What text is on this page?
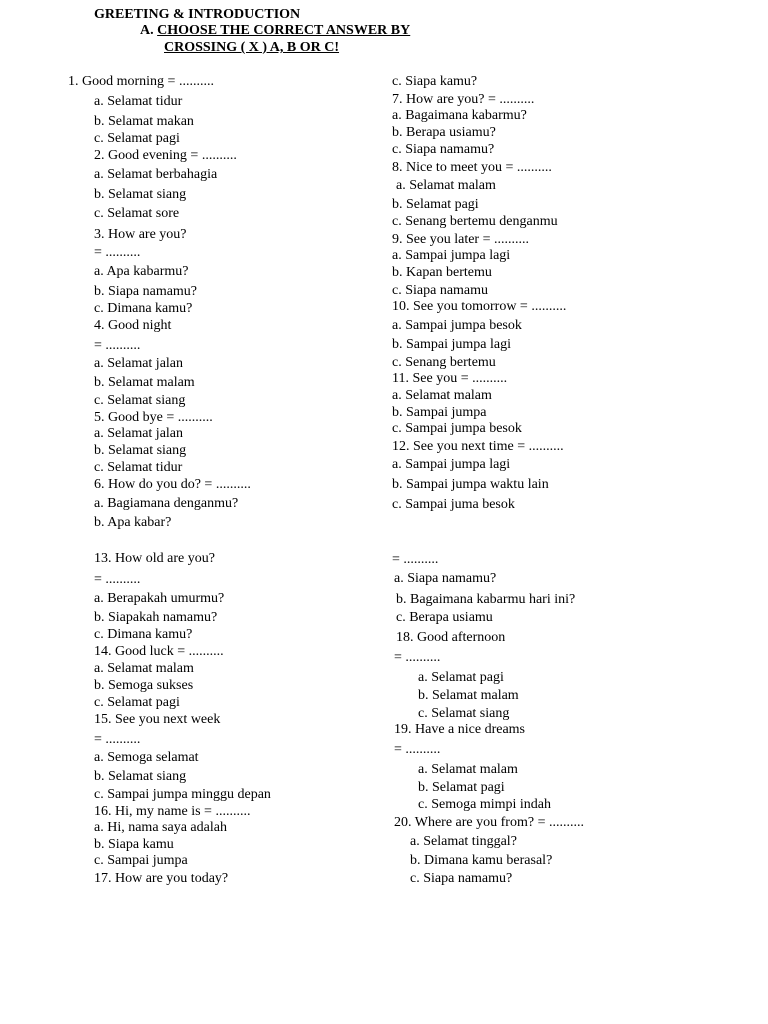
GREETING & INTRODUCTION
A. CHOOSE THE CORRECT ANSWER BY
CROSSING ( X ) A, B OR C!
1. Good morning = ..........
a. Selamat tidur
b. Selamat makan
c. Selamat pagi
2. Good evening = ..........
a. Selamat berbahagia
b. Selamat siang
c. Selamat sore
3. How are you?
= ..........
a. Apa kabarmu?
b. Siapa namamu?
c. Dimana kamu?
4. Good night
= ..........
a. Selamat jalan
b. Selamat malam
c. Selamat siang
5. Good bye = ..........
a. Selamat jalan
b. Selamat siang
c. Selamat tidur
6. How do you do? = ..........
a. Bagiamana denganmu?
b. Apa kabar?
c. Siapa kamu?
7. How are you? = ..........
a. Bagaimana kabarmu?
b. Berapa usiamu?
c. Siapa namamu?
8. Nice to meet you = ..........
a. Selamat malam
b. Selamat pagi
c. Senang bertemu denganmu
9. See you later = ..........
a. Sampai jumpa lagi
b. Kapan bertemu
c. Siapa namamu
10. See you tomorrow = ..........
a. Sampai jumpa besok
b. Sampai jumpa lagi
c. Senang bertemu
11. See you = ..........
a. Selamat malam
b. Sampai jumpa
c. Sampai jumpa besok
12. See you next time = ..........
a. Sampai jumpa lagi
b. Sampai jumpa waktu lain
c. Sampai juma besok
13. How old are you?
= ..........
a. Berapakah umurmu?
b. Siapakah namamu?
c. Dimana kamu?
14. Good luck = ..........
a. Selamat malam
b. Semoga sukses
c. Selamat pagi
15. See you next week
= ..........
a. Semoga selamat
b. Selamat siang
c. Sampai jumpa minggu depan
16. Hi, my name is = ..........
a. Hi, nama saya adalah
b. Siapa kamu
c. Sampai jumpa
17. How are you today?
= ..........
a. Siapa namamu?
b. Bagaimana kabarmu hari ini?
c. Berapa usiamu
18. Good afternoon
= ..........
a. Selamat pagi
b. Selamat malam
c. Selamat siang
19. Have a nice dreams
= ..........
a. Selamat malam
b. Selamat pagi
c. Semoga mimpi indah
20. Where are you from? = ..........
a. Selamat tinggal?
b. Dimana kamu berasal?
c. Siapa namamu?
